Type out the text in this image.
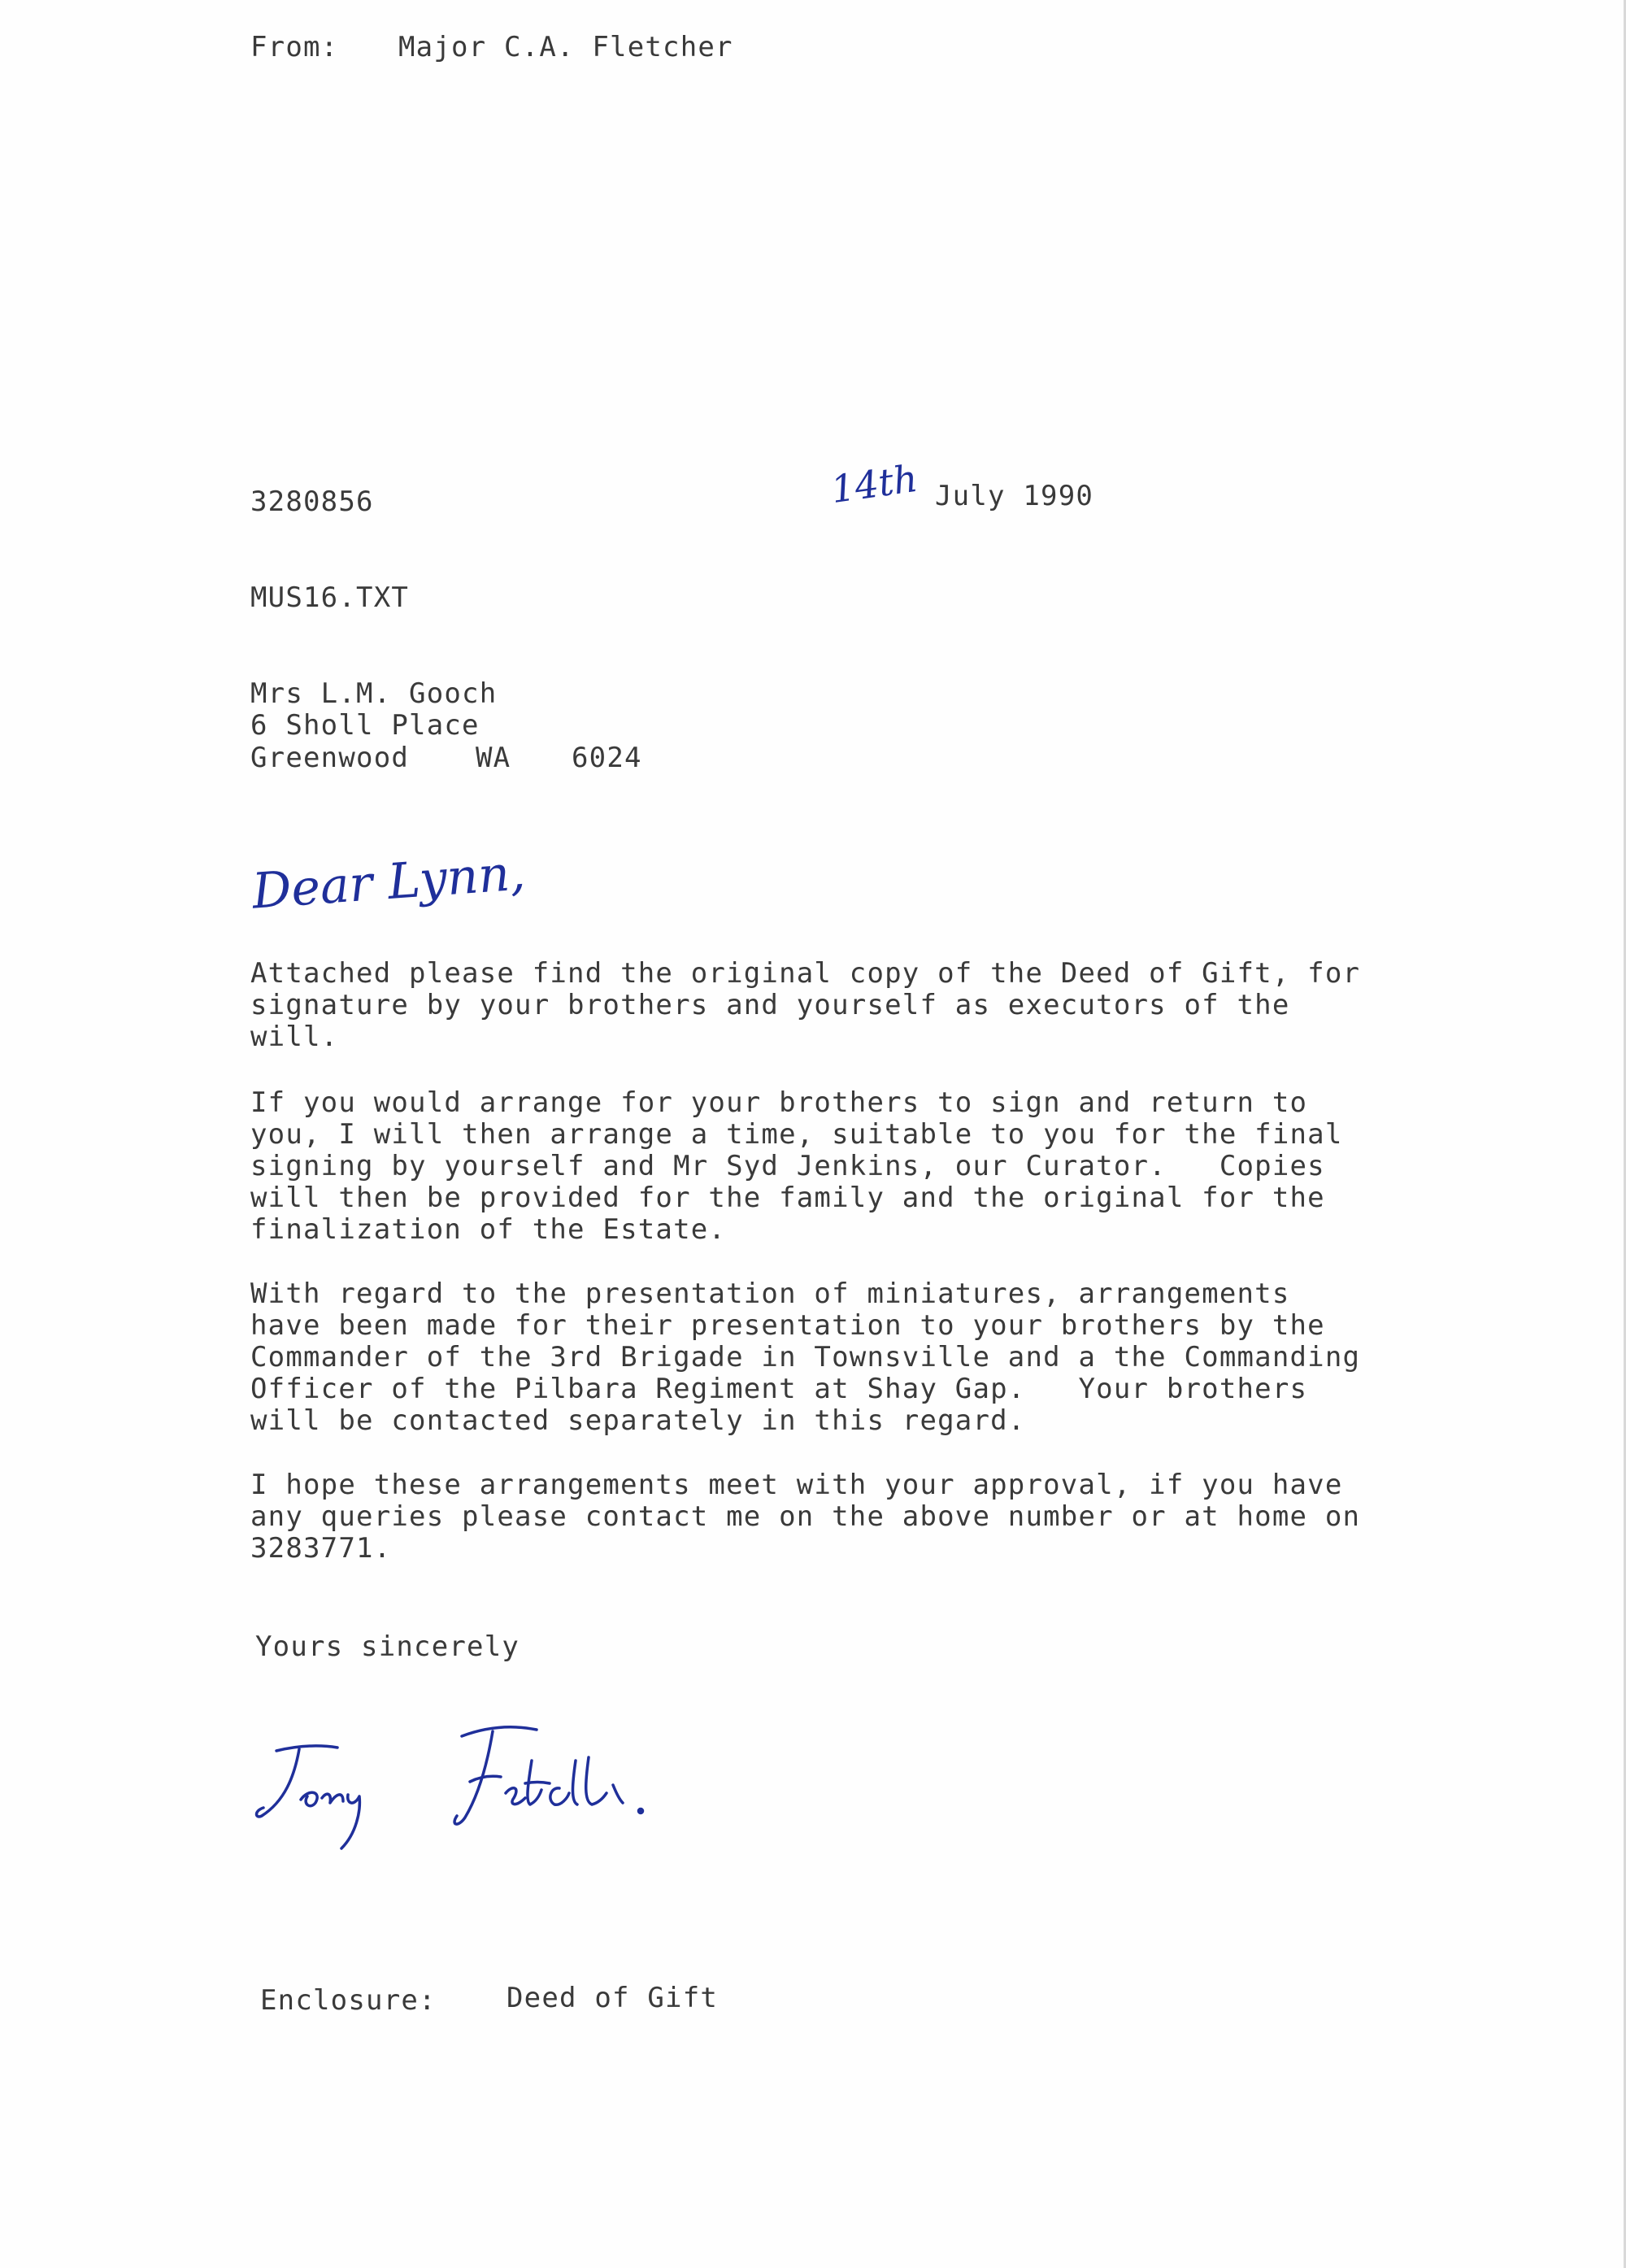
From: Major C.A. Fletcher
3280856	14th July 1990
MUS16.TXT
Mrs L.M. Gooch
6 Sholl Place
Greenwood WA 6024
Dear Lynn,
Attached please find the original copy of the Deed of Gift, for
signature by your brothers and yourself as executors of the
will.
If you would arrange for your brothers to sign and return to
you, I will then arrange a time, suitable to you for the final
signing by yourself and Mr Syd Jenkins, our Curator.   Copies
will then be provided for the family and the original for the
finalization of the Estate.
With regard to the presentation of miniatures, arrangements
have been made for their presentation to your brothers by the
Commander of the 3rd Brigade in Townsville and a the Commanding
Officer of the Pilbara Regiment at Shay Gap.   Your brothers
will be contacted separately in this regard.
I hope these arrangements meet with your approval, if you have
any queries please contact me on the above number or at home on
3283771.
Yours sincerely
Enclosure:	Deed of Gift
